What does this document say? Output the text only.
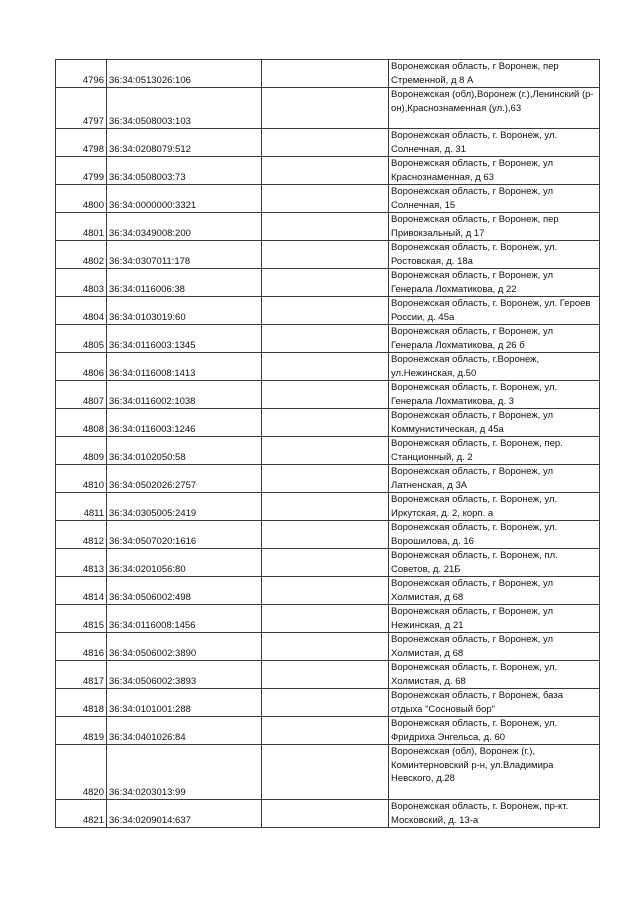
4796	36:34:0513026:106		Воронежская область, г Воронеж, пер Стременной, д 8 А
4797	36:34:0508003:103		Воронежская (обл),Воронеж (г.),Ленинский (р-он),Краснознаменная (ул.),63
4798	36:34:0208079:512		Воронежская область, г. Воронеж, ул. Солнечная, д. 31
4799	36:34:0508003:73		Воронежская область, г Воронеж, ул Краснознаменная, д 63
4800	36:34:0000000:3321		Воронежская область, г Воронеж, ул Солнечная, 15
4801	36:34:0349008:200		Воронежская область, г Воронеж, пер Привокзальный, д 17
4802	36:34:0307011:178		Воронежская область, г. Воронеж, ул. Ростовская, д. 18а
4803	36:34:0116006:38		Воронежская область, г Воронеж, ул Генерала Лохматикова, д 22
4804	36:34:0103019:60		Воронежская область, г. Воронеж, ул. Героев России, д. 45а
4805	36:34:0116003:1345		Воронежская область, г Воронеж, ул Генерала Лохматикова, д 26 б
4806	36:34:0116008:1413		Воронежская область, г.Воронеж, ул.Нежинская, д.50
4807	36:34:0116002:1038		Воронежская область, г. Воронеж, ул. Генерала Лохматикова, д. 3
4808	36:34:0116003:1246		Воронежская область, г Воронеж, ул Коммунистическая, д 45а
4809	36:34:0102050:58		Воронежская область, г. Воронеж, пер. Станционный, д. 2
4810	36:34:0502026:2757		Воронежская область, г Воронеж, ул Латненская, д 3А
4811	36:34:0305005:2419		Воронежская область, г. Воронеж, ул. Иркутская, д. 2, корп. а
4812	36:34:0507020:1616		Воронежская область, г. Воронеж, ул. Ворошилова, д. 16
4813	36:34:0201056:80		Воронежская область, г. Воронеж, пл. Советов, д. 21Б
4814	36:34:0506002:498		Воронежская область, г Воронеж, ул Холмистая, д 68
4815	36:34:0116008:1456		Воронежская область, г Воронеж, ул Нежинская, д 21
4816	36:34:0506002:3890		Воронежская область, г Воронеж, ул Холмистая, д 68
4817	36:34:0506002:3893		Воронежская область, г. Воронеж, ул. Холмистая, д. 68
4818	36:34:0101001:288		Воронежская область, г Воронеж, база отдыха "Сосновый бор"
4819	36:34:0401026:84		Воронежская область, г. Воронеж, ул. Фридриха Энгельса, д. 60
4820	36:34:0203013:99		Воронежская (обл), Воронеж (г.), Коминтерновский р-н, ул.Владимира Невского, д.28
4821	36:34:0209014:637		Воронежская область, г. Воронеж, пр-кт. Московский, д. 13-а
